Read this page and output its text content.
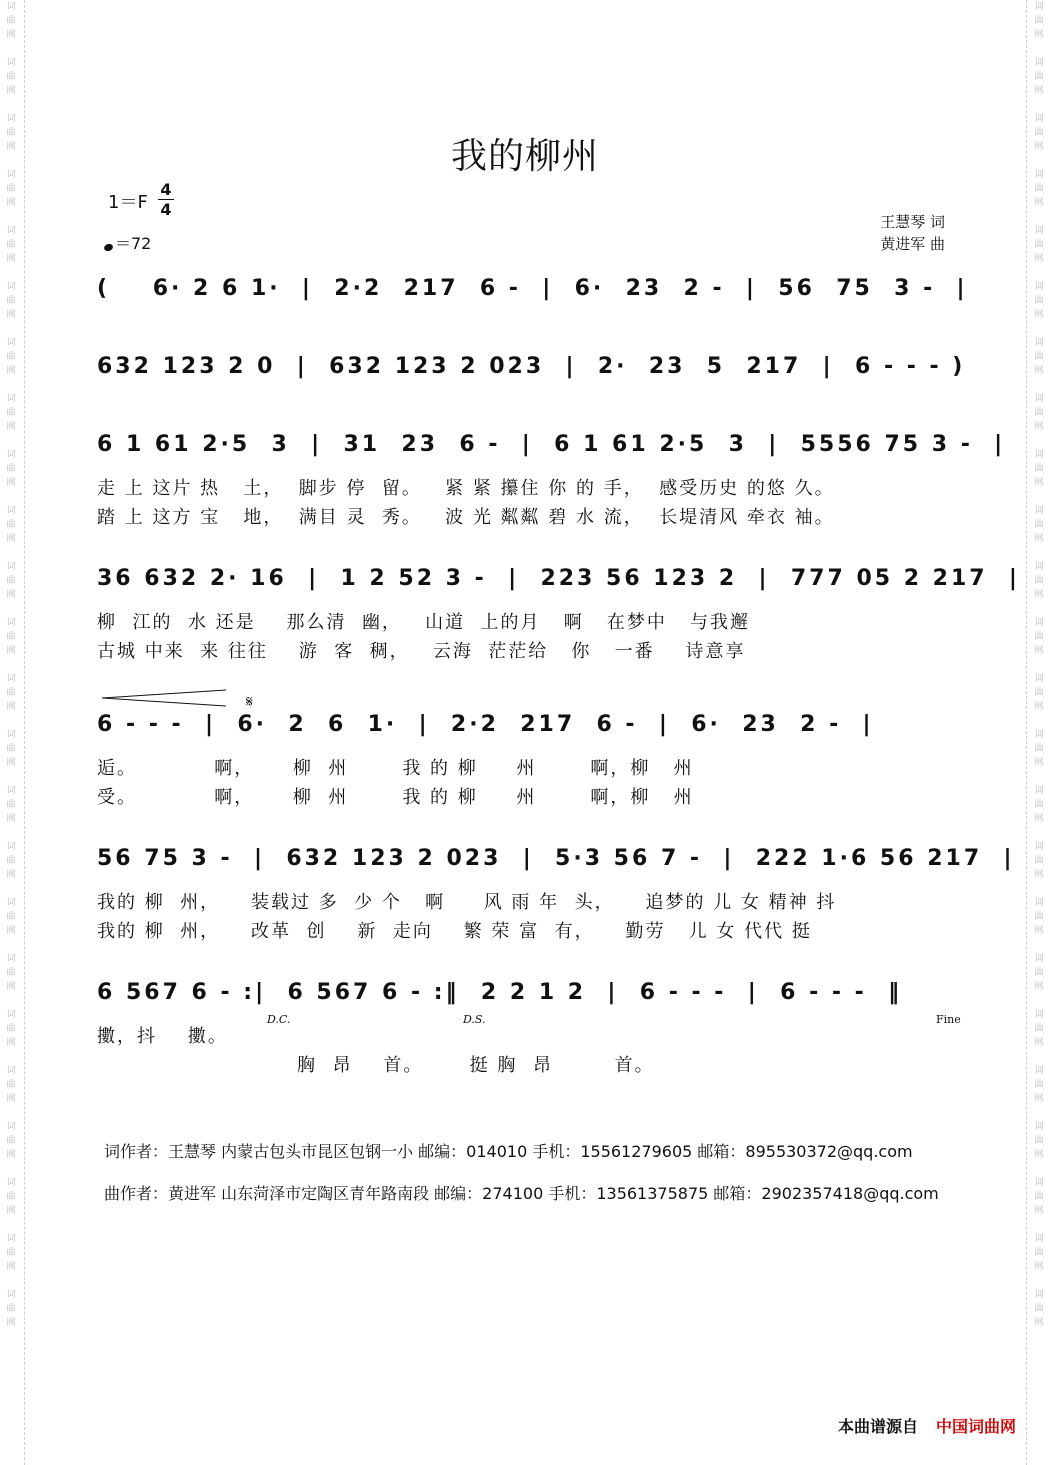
词
曲
网

词
曲
网

词
曲
网

词
曲
网

词
曲
网

词
曲
网

词
曲
网

词
曲
网

词
曲
网

词
曲
网

词
曲
网

词
曲
网

词
曲
网

词
曲
网

词
曲
网

词
曲
网

词
曲
网

词
曲
网

词
曲
网

词
曲
网

词
曲
网

词
曲
网

词
曲
网

词
曲
网
词
曲
网

词
曲
网

词
曲
网

词
曲
网

词
曲
网

词
曲
网

词
曲
网

词
曲
网

词
曲
网

词
曲
网

词
曲
网

词
曲
网

词
曲
网

词
曲
网

词
曲
网

词
曲
网

词
曲
网

词
曲
网

词
曲
网

词
曲
网

词
曲
网

词
曲
网

词
曲
网

词
曲
网
我的柳州
$1=F \frac{4}{4}$
＝72
王慧琴 词
黄进军 曲
(    6· 2 6 1·  |  2·2  217  6 -  |  6·  23  2 -  |  56  75  3 -  |
632 123 2 0  |  632 123 2 023  |  2·  23  5  217  |  6 - - - )
6 1 61 2·5  3  |  31  23  6 -  |  6 1 61 2·5  3  |  5556 75 3 -  |
走 上 这片 热   土，  脚步 停  留。   紧 紧 攥住 你 的 手，  感受历史 的悠 久。
踏 上 这方 宝   地，  满目 灵  秀。   波 光 粼粼 碧 水 流，  长堤清风 牵衣 袖。
36 632 2· 16  |  1 2 52 3 -  |  223 56 123 2  |  777 05 2 217  |
柳  江的  水 还是    那么清  幽，   山道  上的月   啊   在梦中   与我邂
古城 中来  来 往往    游  客  稠，   云海  茫茫给   你   一番    诗意享
𝄋
6 - - -  |  6·  2  6  1·  |  2·2  217  6 -  |  6·  23  2 -  |
逅。          啊，     柳  州       我 的 柳     州       啊，柳   州
受。          啊，     柳  州       我 的 柳     州       啊，柳   州
56 75 3 -  |  632 123 2 023  |  5·3 56 7 -  |  222 1·6 56 217  |
我的 柳  州，    装载过 多  少 个   啊     风 雨 年  头，    追梦的 儿 女 精神 抖
我的 柳  州，    改革  创    新  走向    繁 荣 富  有，    勤劳   儿 女 代代 挺
6 567 6 - :|  6 567 6 - :‖  2 2 1 2  |  6 - - -  |  6 - - -  ‖
擻，抖    擻。
胸  昂    首。      挺 胸  昂        首。
D.C.	D.S.	Fine
词作者：王慧琴 内蒙古包头市昆区包钢一小 邮编：014010 手机：15561279605 邮箱：895530372@qq.com
曲作者：黄进军 山东菏泽市定陶区青年路南段 邮编：274100 手机：13561375875 邮箱：2902357418@qq.com
本曲谱源自 中国词曲网
